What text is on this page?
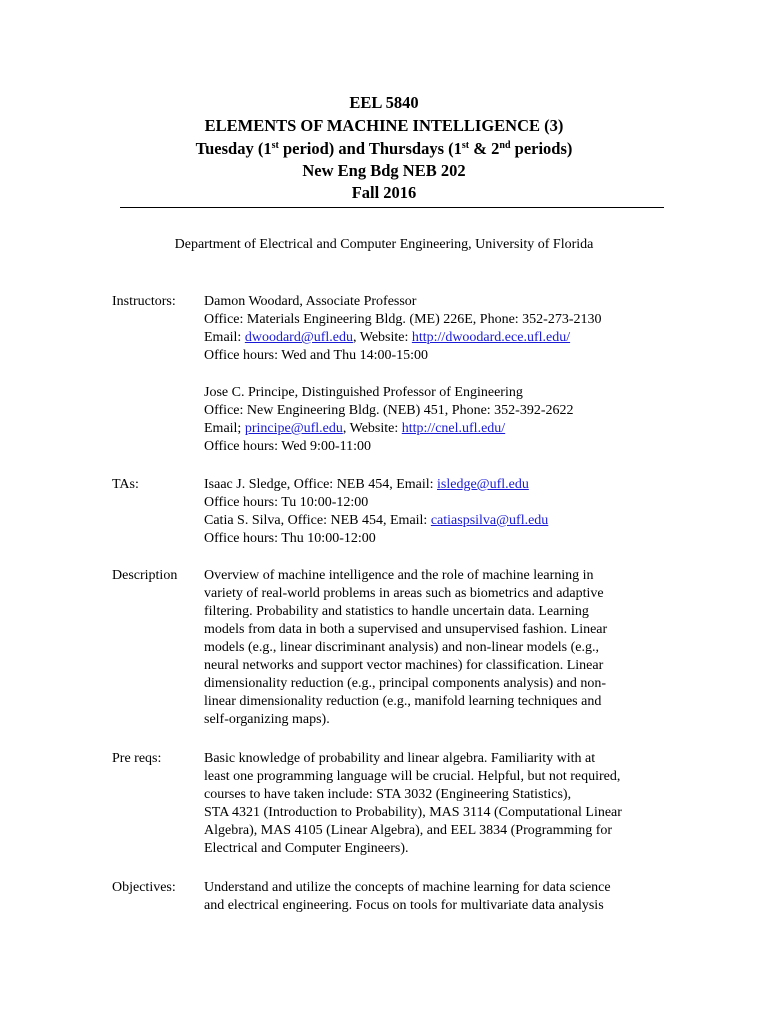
EEL 5840
ELEMENTS OF MACHINE INTELLIGENCE (3)
Tuesday (1st period) and Thursdays (1st & 2nd periods)
New Eng Bdg NEB 202
Fall 2016
Department of Electrical and Computer Engineering, University of Florida
Instructors: Damon Woodard, Associate Professor
Office: Materials Engineering Bldg. (ME) 226E, Phone: 352-273-2130
Email: dwoodard@ufl.edu, Website: http://dwoodard.ece.ufl.edu/
Office hours: Wed and Thu 14:00-15:00
Jose C. Principe, Distinguished Professor of Engineering
Office: New Engineering Bldg. (NEB) 451, Phone: 352-392-2622
Email; principe@ufl.edu, Website: http://cnel.ufl.edu/
Office hours: Wed 9:00-11:00
TAs:	Isaac J. Sledge, Office: NEB 454, Email: isledge@ufl.edu
Office hours: Tu 10:00-12:00
Catia S. Silva, Office: NEB 454, Email: catiaspsilva@ufl.edu
Office hours: Thu 10:00-12:00
Description Overview of machine intelligence and the role of machine learning in
variety of real-world problems in areas such as biometrics and adaptive
filtering. Probability and statistics to handle uncertain data. Learning
models from data in both a supervised and unsupervised fashion. Linear
models (e.g., linear discriminant analysis) and non-linear models (e.g.,
neural networks and support vector machines) for classification. Linear
dimensionality reduction (e.g., principal components analysis) and non-
linear dimensionality reduction (e.g., manifold learning techniques and
self-organizing maps).
Pre reqs:	Basic knowledge of probability and linear algebra. Familiarity with at
least one programming language will be crucial. Helpful, but not required,
courses to have taken include: STA 3032 (Engineering Statistics),
STA 4321 (Introduction to Probability), MAS 3114 (Computational Linear
Algebra), MAS 4105 (Linear Algebra), and EEL 3834 (Programming for
Electrical and Computer Engineers).
Objectives: Understand and utilize the concepts of machine learning for data science
and electrical engineering. Focus on tools for multivariate data analysis
